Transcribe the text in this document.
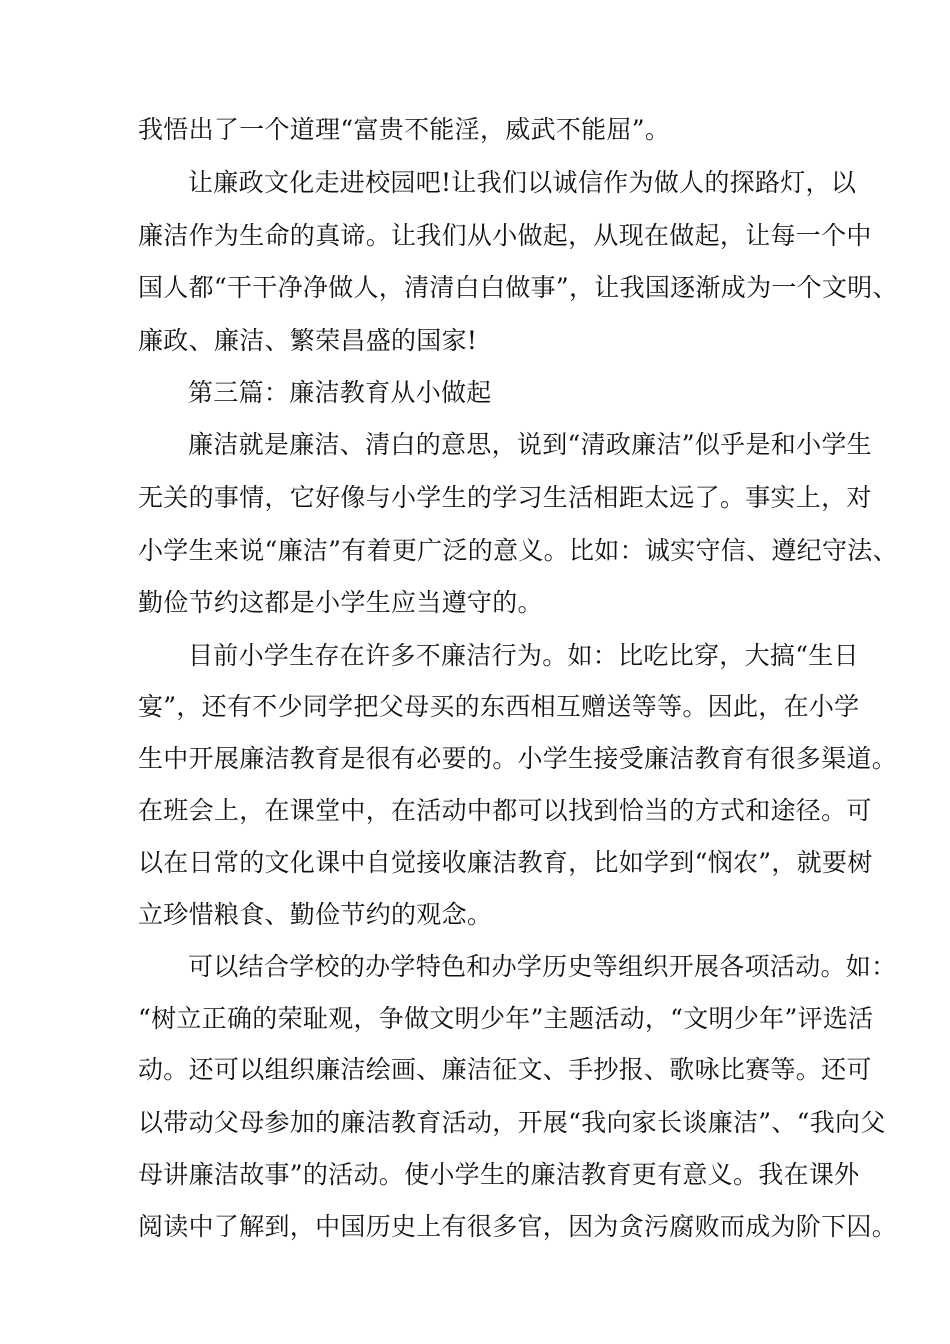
我悟出了一个道理“富贵不能淫，威武不能屈”。
让廉政文化走进校园吧!让我们以诚信作为做人的探路灯，以
廉洁作为生命的真谛。让我们从小做起，从现在做起，让每一个中
国人都“干干净净做人，清清白白做事”，让我国逐渐成为一个文明、
廉政、廉洁、繁荣昌盛的国家!
第三篇：廉洁教育从小做起
廉洁就是廉洁、清白的意思，说到“清政廉洁”似乎是和小学生
无关的事情，它好像与小学生的学习生活相距太远了。事实上，对
小学生来说“廉洁”有着更广泛的意义。比如：诚实守信、遵纪守法、
勤俭节约这都是小学生应当遵守的。
目前小学生存在许多不廉洁行为。如：比吃比穿，大搞“生日
宴”，还有不少同学把父母买的东西相互赠送等等。因此，在小学
生中开展廉洁教育是很有必要的。小学生接受廉洁教育有很多渠道。
在班会上，在课堂中，在活动中都可以找到恰当的方式和途径。可
以在日常的文化课中自觉接收廉洁教育，比如学到“悯农”，就要树
立珍惜粮食、勤俭节约的观念。
可以结合学校的办学特色和办学历史等组织开展各项活动。如：
“树立正确的荣耻观，争做文明少年”主题活动，“文明少年”评选活
动。还可以组织廉洁绘画、廉洁征文、手抄报、歌咏比赛等。还可
以带动父母参加的廉洁教育活动，开展“我向家长谈廉洁”、“我向父
母讲廉洁故事”的活动。使小学生的廉洁教育更有意义。我在课外
阅读中了解到，中国历史上有很多官，因为贪污腐败而成为阶下囚。
